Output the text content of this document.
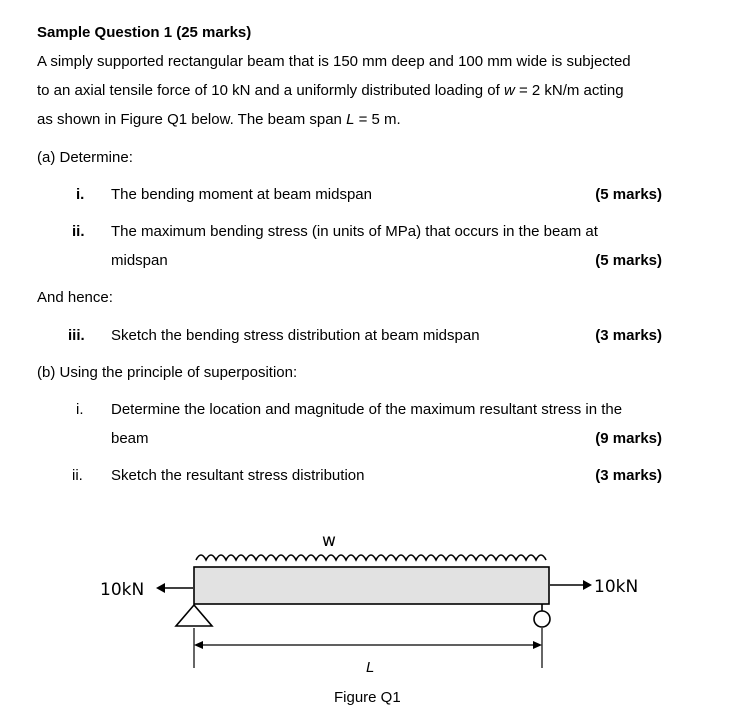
Sample Question 1 (25 marks)
A simply supported rectangular beam that is 150 mm deep and 100 mm wide is subjected
to an axial tensile force of 10 kN and a uniformly distributed loading of w = 2 kN/m acting
as shown in Figure Q1 below. The beam span L = 5 m.
(a) Determine:
i. The bending moment at beam midspan	(5 marks)
ii. The maximum bending stress (in units of MPa) that occurs in the beam at
midspan	(5 marks)
And hence:
iii. Sketch the bending stress distribution at beam midspan	(3 marks)
(b) Using the principle of superposition:
i. Determine the location and magnitude of the maximum resultant stress in the
beam	(9 marks)
ii. Sketch the resultant stress distribution	(3 marks)
w
10kN	10kN
L
Figure Q1
